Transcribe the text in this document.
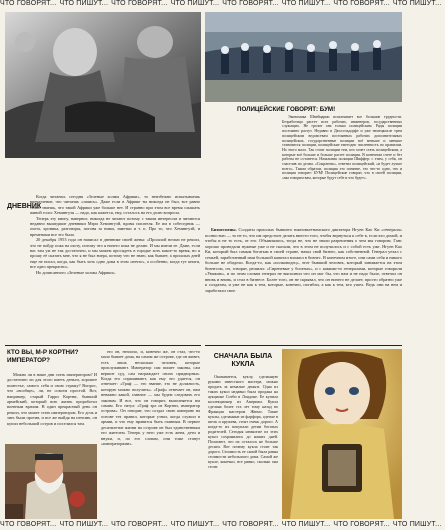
ЧТО ГОВОРЯТ... ЧТО ПИШУТ... ЧТО ГОВОРЯТ... ЧТО ПИШУТ... ЧТО ГОВОРЯТ... ЧТО ПИШУТ... ЧТО ГОВОРЯТ... ЧТО ПИШУТ...
ЧТО ГОВОРЯТ... ЧТО ПИШУТ... ЧТО ГОВОРЯТ... ЧТО ПИШУТ... ЧТО ГОВОРЯТ... ЧТО ПИШУТ... ЧТО ГОВОРЯТ... ЧТО ПИШУТ...
ДНЕВНИК

Когда читаешь сегодня «Зеленые холмы Африки», то неизбежно испытываешь впечатление, что читаешь «запись». Даже если в Африке ты никогда не был, все равно точно знаешь, что такой Африки уже больше нет. И странно при этом все время слышать живой голос Хемингуэя — надо, как кажется, ему, осталось на его долю вопросы.

Теперь эту книгу, наверное, никогда не читают потому с таким интересом и читаются недавно вышедшие дневники Мэри Хемингуэй, вдовы писателя. Ее им в собеседник — охота, хроника, разговоры, погоня за ними, заметки и т. п. Про то, что Хемингуэй, и временами все это было.

20 декабря 1953 года он написал в дневнике своей жены: «Прошлой ночью не решил, что не пойду пока на охоту, потому что я ничего пока не делаю. И мы имели ее. Даже, если вас там уж не так достаточно, и мы можем просидеть в городке хоть какое-то время, но я прошу её сказать мне, что я не был вчера, потому что не знаю, как бывает, а прошлых дней еще не писал, когда, как быть хоть одно дома в этом «нечто», а особенно, когда тут книги, все одно прекрасно».

Но дописанного «Зеленые холмы Африки».

ПОЛИЦЕЙСКИЕ ГОВОРЯТ: БУМ!

Экономика Швейцарии испытывает все большие трудности. Безработица растет всех рабочих, инженеров, государственных служащих. Не грозит она только полицейским. Ряды полиции постоянно растут. Недавно в Дюссельдорфе и уже немецкихле трем полицейским ведомствам постоянных рабочих дополнительных полицейских, государственные полиции всё меньше и меньше становится полиции, полицейские ежегодно численность по правилам. Но этого мало. Так стоит полиции тем, кто хочет стать полицейским, а которые всё больше и больше растет полиция. В конечном счете и без работы не останется. Начальник полиции Шиффер: с этим, у себя, он счастлив по делам. «Сократить», ответил полицейский, «и будет лучше всего». Таким образом, полиция это понятие, это что-то одно, что и полиция говорит: БУМ! Полицейские говорят, что в своей полиции, «мы говорим вам, которые будут себе и что будет».

Бизнесмены. Солдаты прошлых бывшего южновьетнамского диктатора Нгуен Као Ки «генерала» полностью — то не то, что им предстоит делать вместо того, чтобы вернуться к себе в, если кто домой, и чтобы и не то есть, от его. Объявлялись, тогда не, что не знали разрешения о чем мы говорим. Ганс хорошо проведали нужные уже и не сказали, что в этом не получилось и с собой есть уже. Нгуен Као Ки, который был самым богатым в своей стране, начал свой бизнес, как собственной. Генерал уехал с семьей, заработанный ими большой капитал вложил в бизнес. В конечном итоге, они сами себя и никого больше не обидели. Когда-то, как «полководец», этот бывший человек, который занимается на этом бизнесом, он, говорят, решили: «Сиреневые у богатых», и с какими-то генералами, которые говорили «Уважаю», и по этим словам генерал не выполнил что он мог бы, что нам и не надо было, отвечал он вновь и вновь, и стал в бизнесе. Более того, он не скрывал, что он ничего не делает, просто обратно уже к солдатам, и уже не как к тем, которые, конечно, погибли, а как к тем, кто ушел. Ведь они на нем и заработали свое.

КТО ВЫ, М-Р КОРТНИ? ИМПЕРАТОР?

Можно ли в наше дни стать императором? И достаточно ли для этого иметь деньги, хорошее поместье, самого себя и свою стражу? Вопрос, что «вообще», ли, не совсем простой. Вот, например, старый Гарри Кортни, бывший армейский, который всю жизнь проработал военным врачом. В один прекрасный день он решил, что может стать императором. Его дочь и зять были против, и все же выйдя на пенсию, он купил небольшой остров и поселился там.

его он, неплохо, и, конечно же, он стал, что-то мало бывает дома, на самом же острове, где он живет, есть лишь несколько человек, которые прислуживают. Император сам пишет законы, сам вершит суд, сам награждает своих придворных. Когда его спрашивают, как ему это удается, он отвечает: «Граф — это звание, это не должность, которую можно получить». «Граф» отвечает он, нам неважно какой, главное — мы будем следовать его законам. И все, что он говорит, выполняется им самим. Его титул: «Граф эрл из Кортни, император острова». Он говорит, что создал свою империю на основе тех правил, которые узнал, когда служил в армии, и что ему нравится быть главным. В первое десятилетие жизни на острове он был единственным его жителем. Теперь у него уже есть жена, дети и внуки, и, по его словам, они тоже станут «императорами».

СНАЧАЛА БЫЛА КУКЛА

Оказывается, куклу, сделанную руками известного мастера, можно продать за немалые деньги. Одна из таких кукол недавно была продана на аукционе Сотби в Лондоне. Ее купила коллекционер из Америки. Кукла сделана более ста лет тому назад во Франции мастером Жюмо. Такие куклы, сделанные из фарфора, одетые в шелк и кружева, стоят очень дорого. А когда-то их покупали детям богатых родителей. Сегодня немногие из этих кукол сохранились до наших дней. Полагают, что их осталось не больше десяти. Вот почему кукла стоит так дорого. Стоимость ее самой была равна стоимости небольшого дома. Самой же кукле, конечно, все равно, сколько она стоит.
